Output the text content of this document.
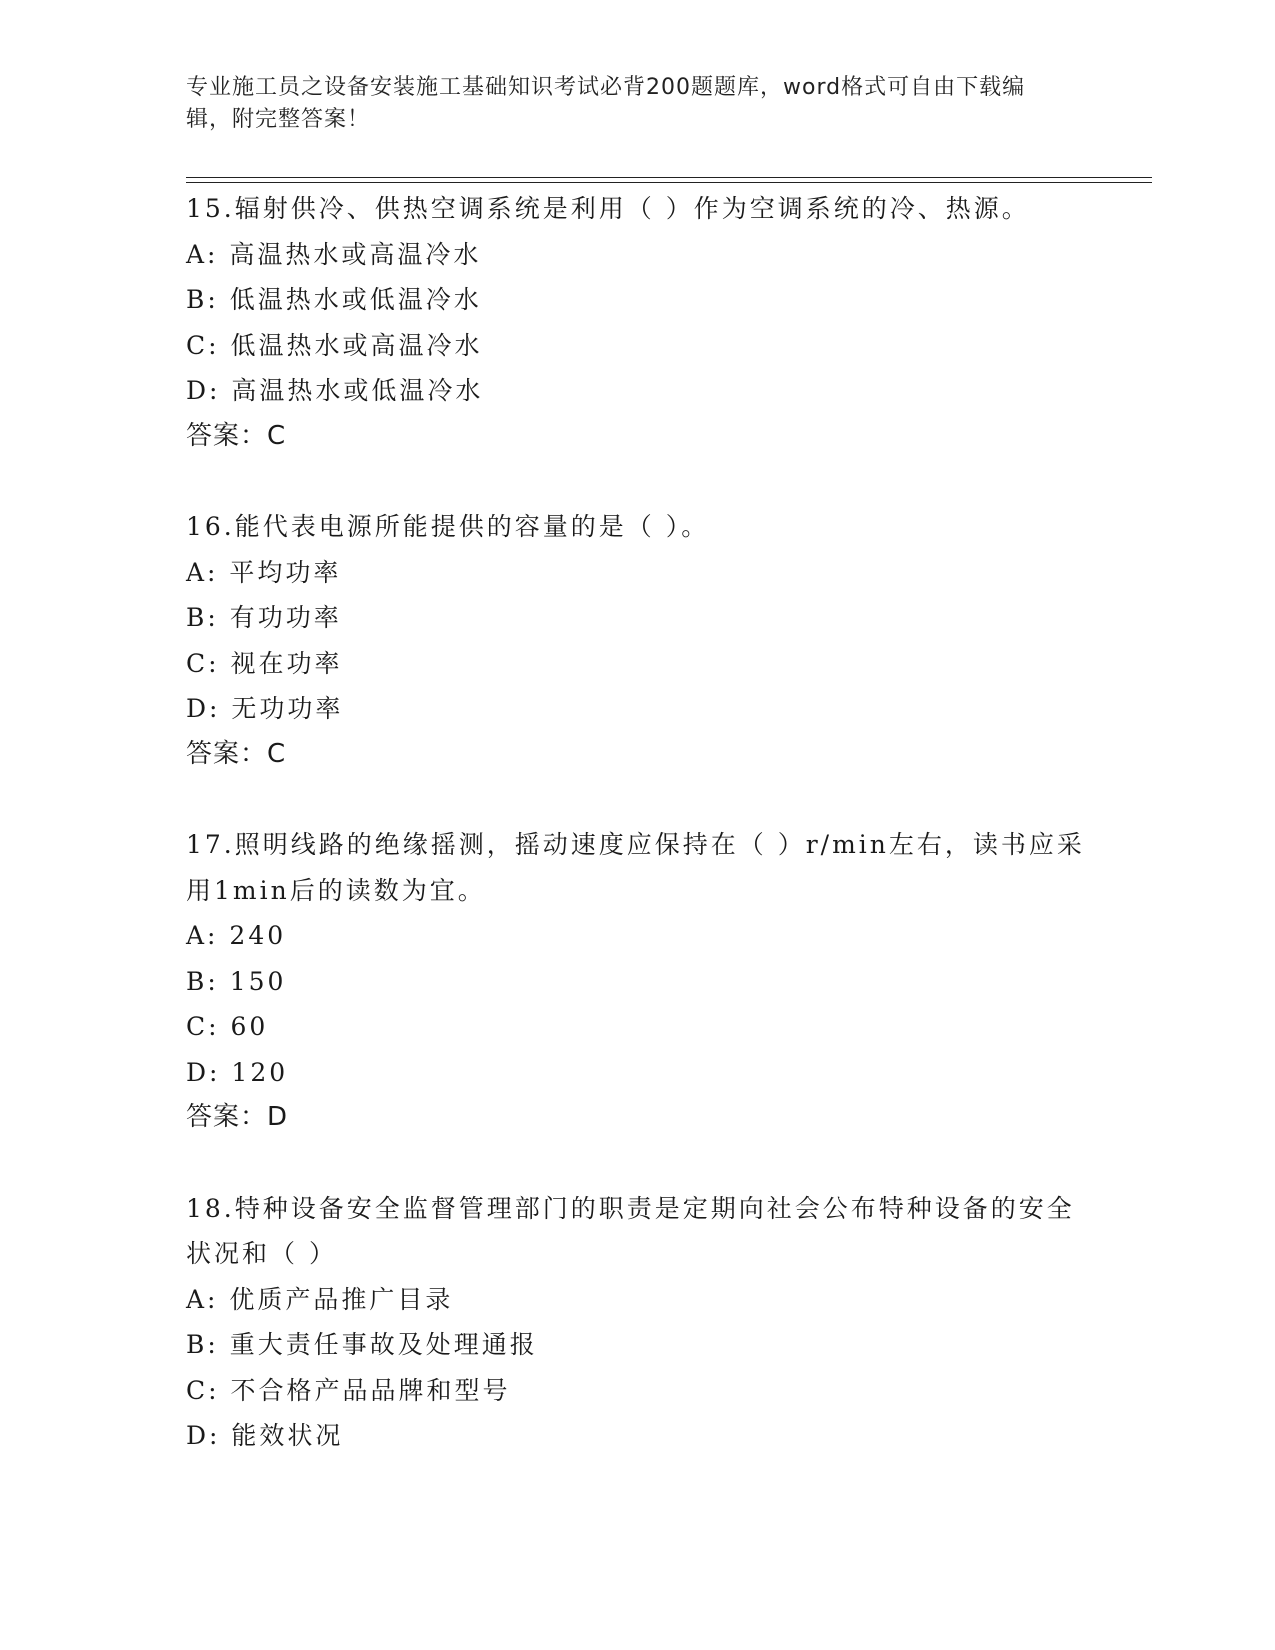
专业施工员之设备安装施工基础知识考试必背200题题库，word格式可自由下载编辑，附完整答案！

15.辐射供冷、供热空调系统是利用（ ）作为空调系统的冷、热源。

A: 高温热水或高温冷水

B: 低温热水或低温冷水

C: 低温热水或高温冷水

D: 高温热水或低温冷水

答案：C

16.能代表电源所能提供的容量的是（ ）。

A: 平均功率

B: 有功功率

C: 视在功率

D: 无功功率

答案：C

17.照明线路的绝缘摇测，摇动速度应保持在（ ）r/min左右，读书应采用1min后的读数为宜。

A: 240

B: 150

C: 60

D: 120

答案：D

18.特种设备安全监督管理部门的职责是定期向社会公布特种设备的安全状况和（ ）

A: 优质产品推广目录

B: 重大责任事故及处理通报

C: 不合格产品品牌和型号

D: 能效状况
